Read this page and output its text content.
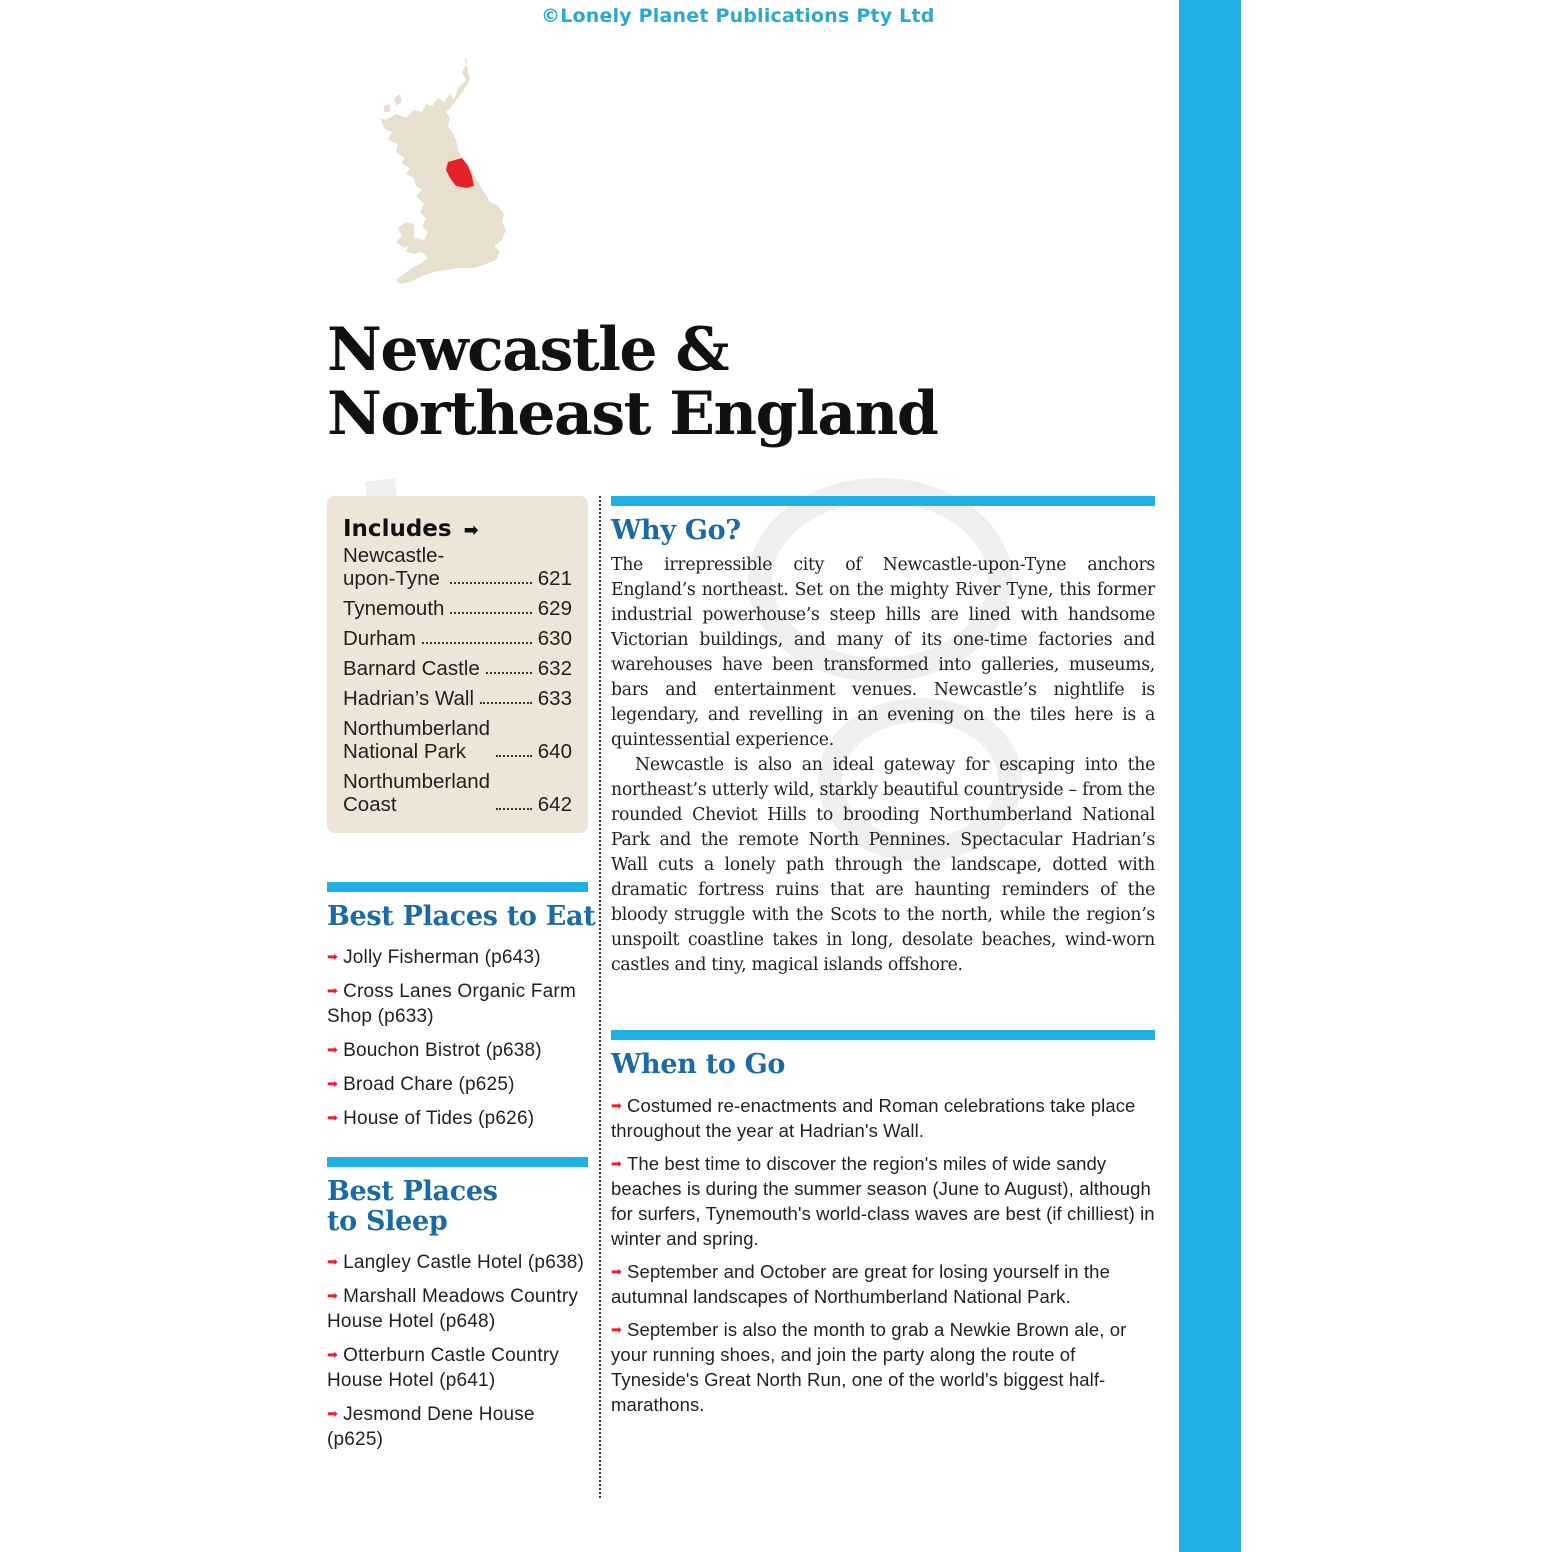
©Lonely Planet Publications Pty Ltd
Newcastle &
Northeast England
Includes ➡
Newcastle-
upon-Tyne	621
Tynemouth	629
Durham	630
Barnard Castle	632
Hadrian’s Wall	633
Northumberland
National Park	640
Northumberland
Coast	642
Best Places to Eat
➡ Jolly Fisherman (p643)
➡ Cross Lanes Organic Farm Shop (p633)
➡ Bouchon Bistrot (p638)
➡ Broad Chare (p625)
➡ House of Tides (p626)
Best Places
to Sleep
➡ Langley Castle Hotel (p638)
➡ Marshall Meadows Country House Hotel (p648)
➡ Otterburn Castle Country House Hotel (p641)
➡ Jesmond Dene House (p625)
Why Go?

The irrepressible city of Newcastle-upon-Tyne anchors England’s northeast. Set on the mighty River Tyne, this former industrial powerhouse’s steep hills are lined with handsome Victorian buildings, and many of its one-time factories and warehouses have been transformed into galleries, museums, bars and entertainment venues. Newcastle’s nightlife is legendary, and revelling in an evening on the tiles here is a quintessential experience.

Newcastle is also an ideal gateway for escaping into the northeast’s utterly wild, starkly beautiful countryside – from the rounded Cheviot Hills to brooding Northumberland National Park and the remote North Pennines. Spectacular Hadrian’s Wall cuts a lonely path through the landscape, dotted with dramatic fortress ruins that are haunting reminders of the bloody struggle with the Scots to the north, while the region’s unspoilt coastline takes in long, desolate beaches, wind-worn castles and tiny, magical islands offshore.

When to Go
➡ Costumed re-enactments and Roman celebrations take place throughout the year at Hadrian's Wall.
➡ The best time to discover the region's miles of wide sandy beaches is during the summer season (June to August), although for surfers, Tynemouth's world-class waves are best (if chilliest) in winter and spring.
➡ September and October are great for losing yourself in the autumnal landscapes of Northumberland National Park.
➡ September is also the month to grab a Newkie Brown ale, or your running shoes, and join the party along the route of Tyneside's Great North Run, one of the world's biggest half-marathons.
